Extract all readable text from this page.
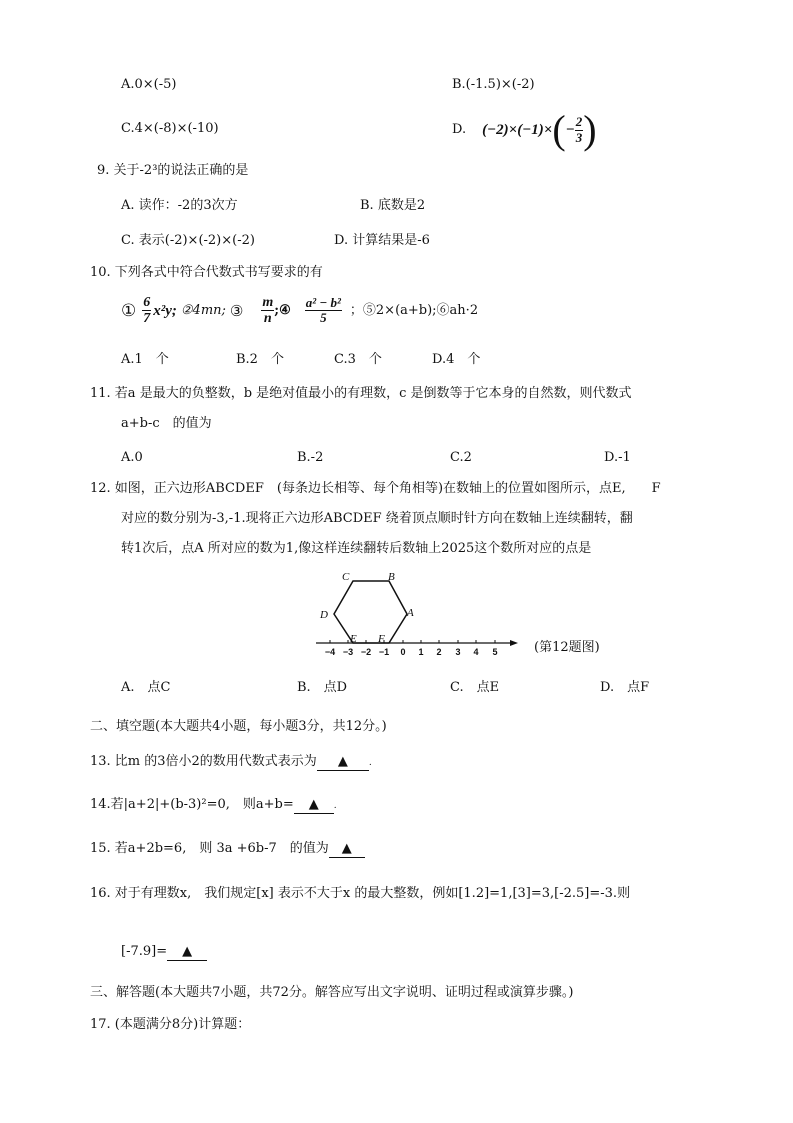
A.0×(-5)	B.(-1.5)×(-2)
C.4×(-8)×(-10)	D. (−2)×(−1)× ( − $\frac{2}{3}$ )
9. 关于-2³的说法正确的是
A. 读作：-2的3次方	B. 底数是2
C. 表示(-2)×(-2)×(-2)	D. 计算结果是-6
10. 下列各式中符合代数式书写要求的有
① $\frac{6}{7} x^2y$; ②4mn; ③ $\frac{m}{n}$ ;④ $\frac{\text{a² − b²}}{5}$ ；⑤2×(a+b);⑥ah·2
A.1　个	B.2　个	C.3　个	D.4　个
11. 若a 是最大的负整数，b 是绝对值最小的有理数，c 是倒数等于它本身的自然数，则代数式
a+b-c　的值为
A.0	B.-2	C.2	D.-1
12. 如图，正六边形ABCDEF　(每条边长相等、每个角相等)在数轴上的位置如图所示，点E,　　F
对应的数分别为-3,-1.现将正六边形ABCDEF 绕着顶点顺时针方向在数轴上连续翻转，翻
转1次后，点A 所对应的数为1,像这样连续翻转后数轴上2025这个数所对应的点是
C	B
D	A
E F
−4 −3 −2 −1 0 1 2 3 4 5	(第12题图)
A.　点C	B.　点D	C.　点E	D.　点F
二、填空题(本大题共4小题，每小题3分，共12分。)
13. 比m 的3倍小2的数用代数式表示为 ▲ .
14.若|a+2|+(b-3)²=0,　则a+b= ▲ .
15. 若a+2b=6,　则 3a +6b-7　的值为 ▲
16. 对于有理数x,　我们规定[x] 表示不大于x 的最大整数，例如[1.2]=1,[3]=3,[-2.5]=-3.则
[-7.9]= ▲
三、解答题(本大题共7小题，共72分。解答应写出文字说明、证明过程或演算步骤。)
17. (本题满分8分)计算题：
